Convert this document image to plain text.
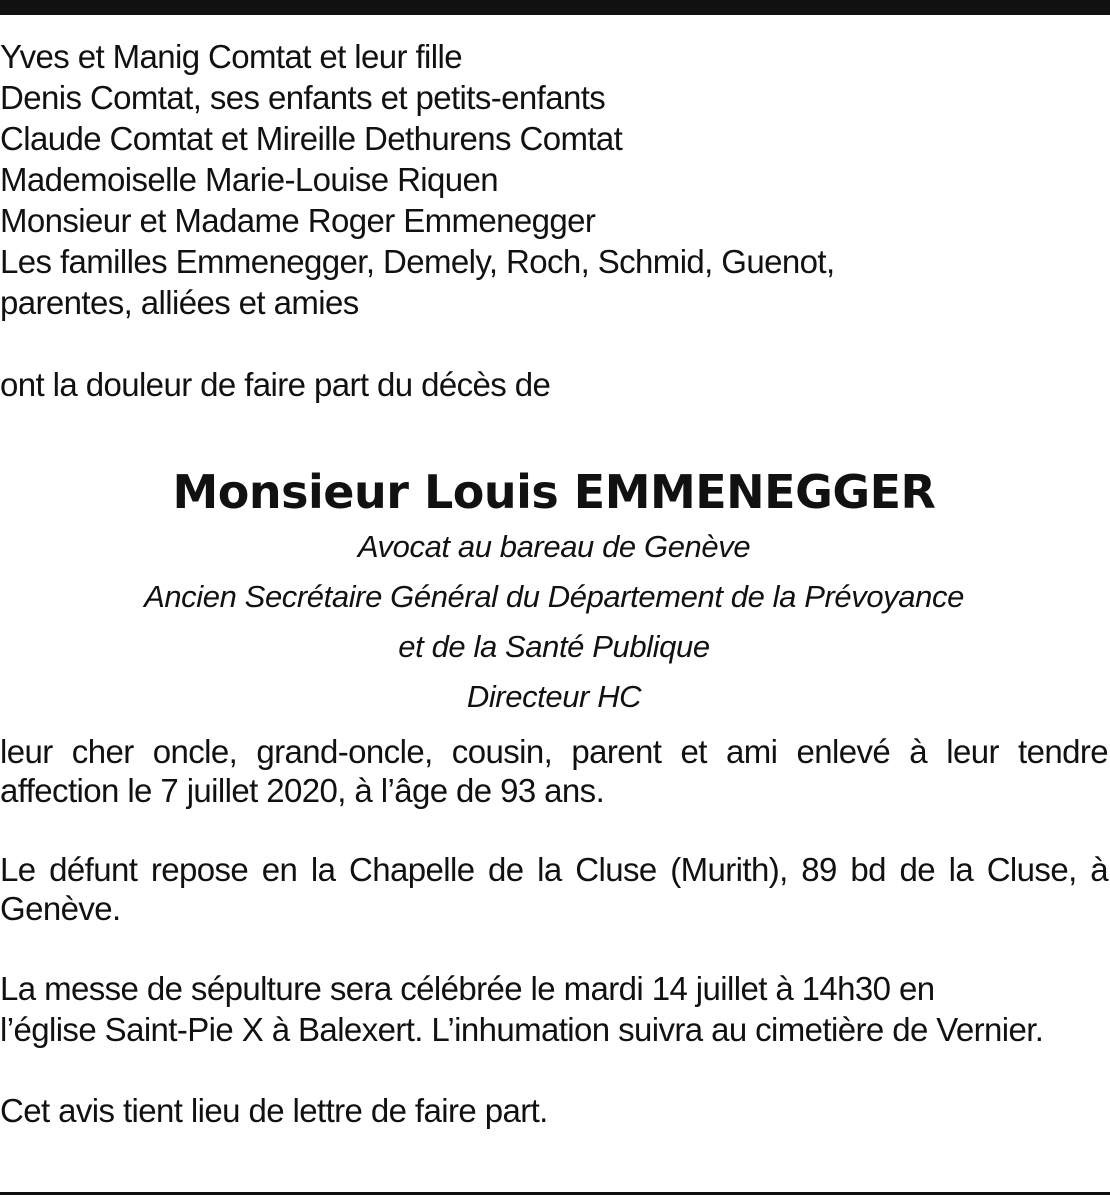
Yves et Manig Comtat et leur fille
Denis Comtat, ses enfants et petits-enfants
Claude Comtat et Mireille Dethurens Comtat
Mademoiselle Marie-Louise Riquen
Monsieur et Madame Roger Emmenegger
Les familles Emmenegger, Demely, Roch, Schmid, Guenot,
parentes, alliées et amies
ont la douleur de faire part du décès de
Monsieur Louis EMMENEGGER
Avocat au bareau de Genève
Ancien Secrétaire Général du Département de la Prévoyance
et de la Santé Publique
Directeur HC
leur cher oncle, grand-oncle, cousin, parent et ami enlevé à leur tendre affection le 7 juillet 2020, à l’âge de 93 ans.
Le défunt repose en la Chapelle de la Cluse (Murith), 89 bd de la Cluse, à Genève.
La messe de sépulture sera célébrée le mardi 14 juillet à 14h30 en
l’église Saint-Pie X à Balexert. L’inhumation suivra au cimetière de Vernier.
Cet avis tient lieu de lettre de faire part.
